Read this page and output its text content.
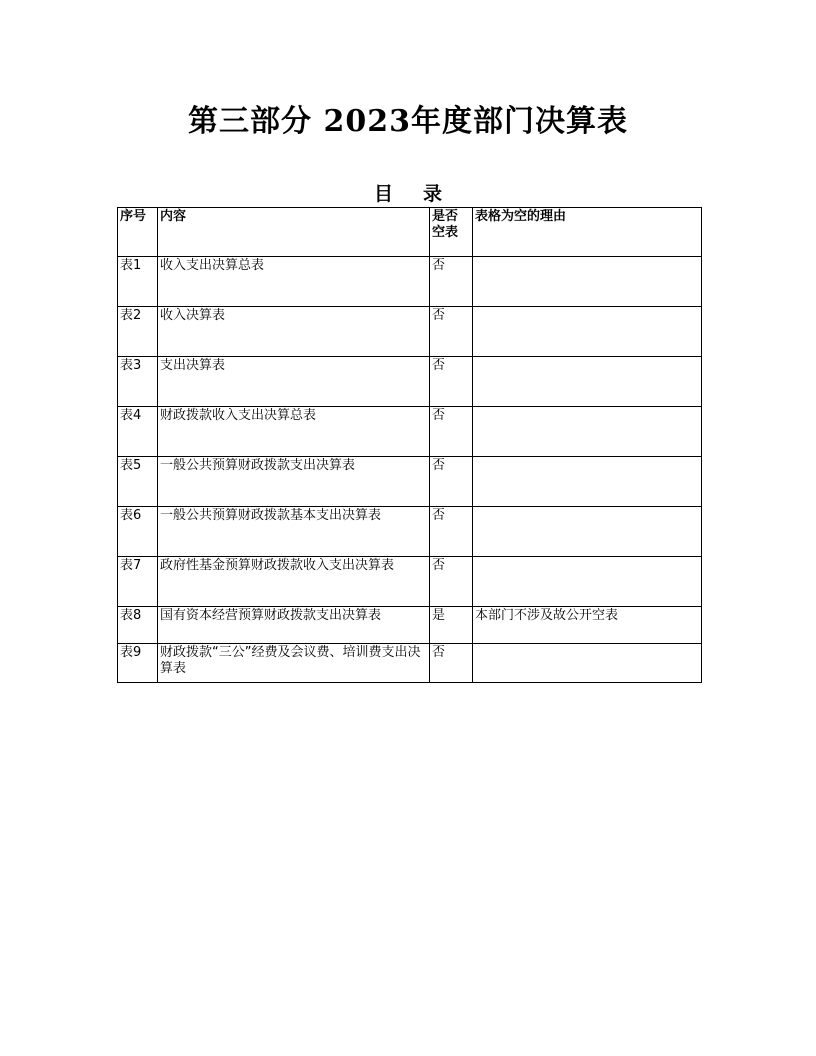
第三部分 2023年度部门决算表
目录
序号	内容	是否空表	表格为空的理由
表1	收入支出决算总表	否	
表2	收入决算表	否	
表3	支出决算表	否	
表4	财政拨款收入支出决算总表	否	
表5	一般公共预算财政拨款支出决算表	否	
表6	一般公共预算财政拨款基本支出决算表	否	
表7	政府性基金预算财政拨款收入支出决算表	否	
表8	国有资本经营预算财政拨款支出决算表	是	本部门不涉及故公开空表
表9	财政拨款“三公”经费及会议费、培训费支出决算表	否	
